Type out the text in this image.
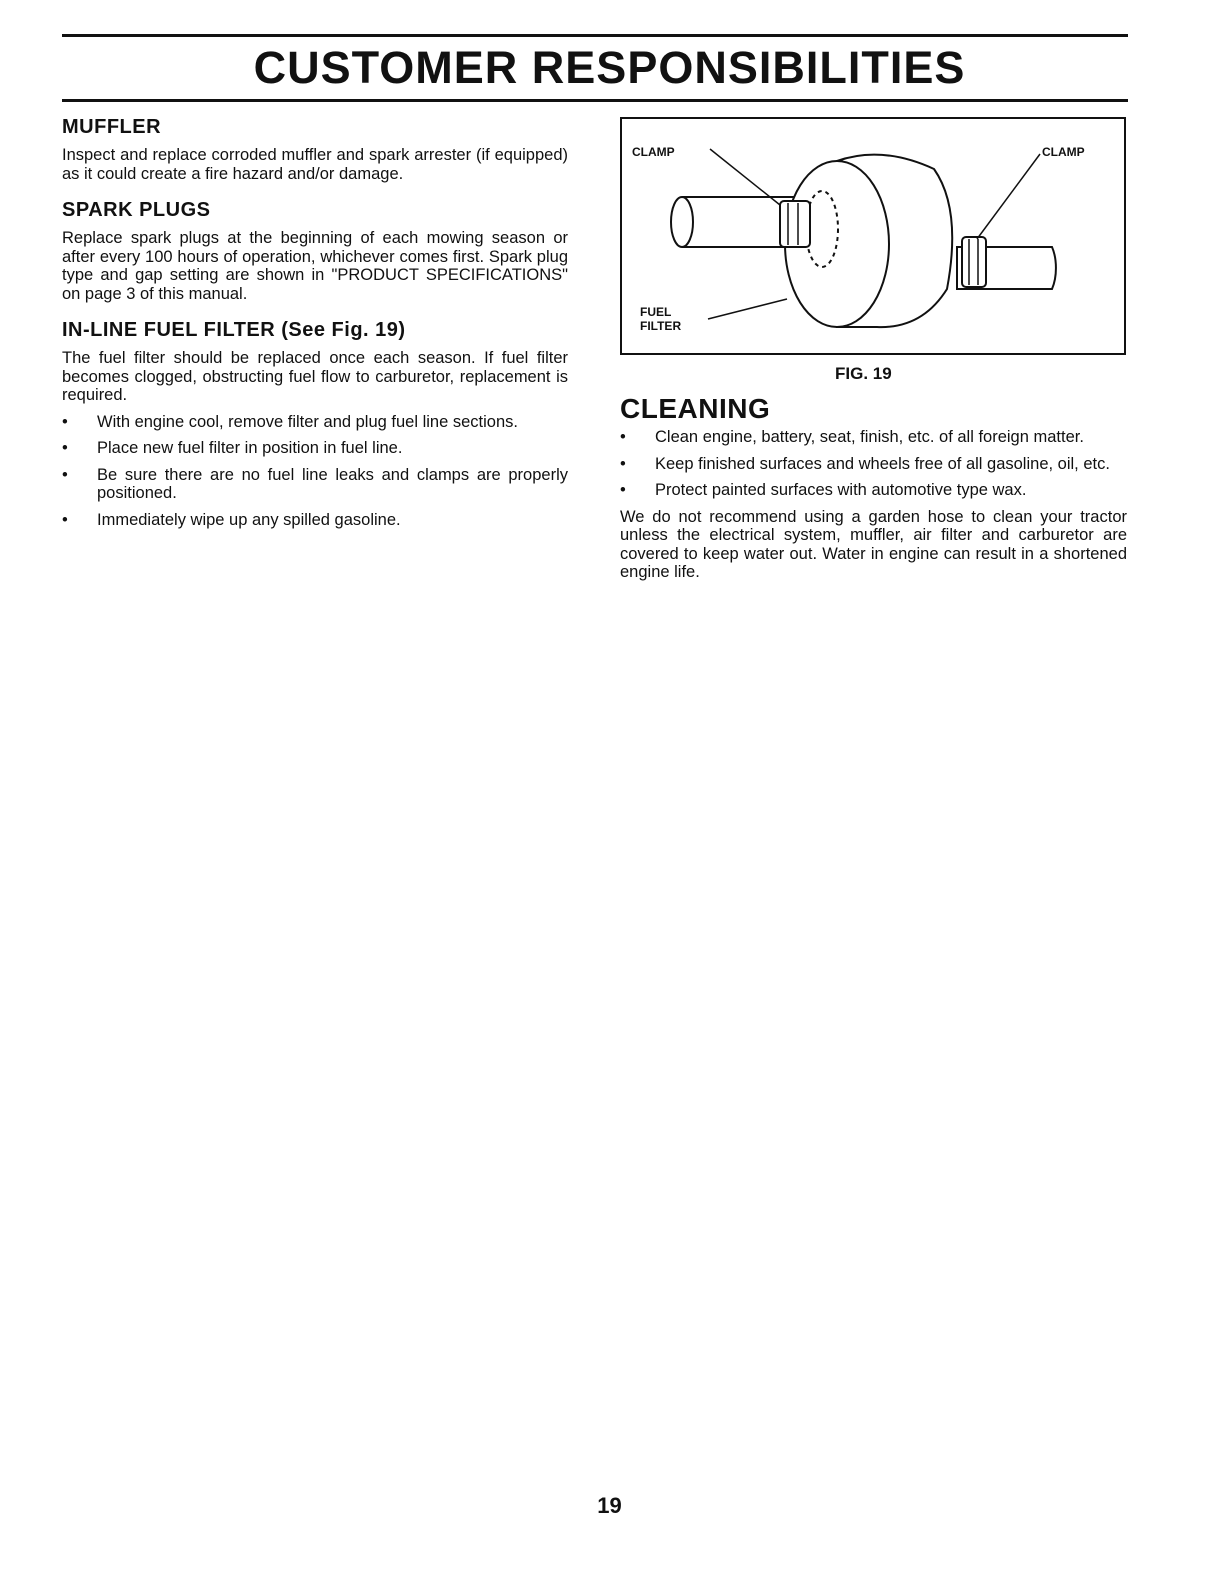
CUSTOMER RESPONSIBILITIES
MUFFLER

Inspect and replace corroded muffler and spark arrester (if equipped) as it could create a fire hazard and/or damage.

SPARK PLUGS

Replace spark plugs at the beginning of each mowing season or after every 100 hours of operation, whichever comes first. Spark plug type and gap setting are shown in "PRODUCT SPECIFICATIONS" on page 3 of this manual.

IN-LINE FUEL FILTER (See Fig. 19)

The fuel filter should be replaced once each season. If fuel filter becomes clogged, obstructing fuel flow to carburetor, replacement is required.

• With engine cool, remove filter and plug fuel line sections.
• Place new fuel filter in position in fuel line.
• Be sure there are no fuel line leaks and clamps are properly positioned.
• Immediately wipe up any spilled gasoline.
CLAMP	CLAMP
FUEL
FILTER
FIG. 19
CLEANING
• Clean engine, battery, seat, finish, etc. of all foreign matter.
• Keep finished surfaces and wheels free of all gasoline, oil, etc.
• Protect painted surfaces with automotive type wax.

We do not recommend using a garden hose to clean your tractor unless the electrical system, muffler, air filter and carburetor are covered to keep water out. Water in engine can result in a shortened engine life.

19
